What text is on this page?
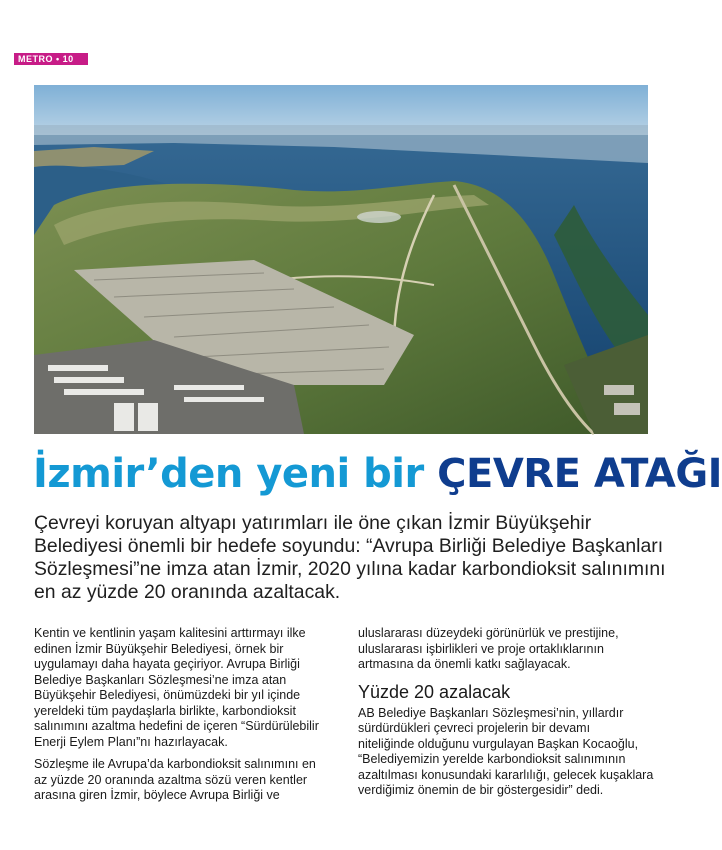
METRO • 10
İzmir’den yeni bir ÇEVRE ATAĞI

Çevreyi koruyan altyapı yatırımları ile öne çıkan İzmir Büyükşehir
Belediyesi önemli bir hedefe soyundu: “Avrupa Birliği Belediye Başkanları
Sözleşmesi”ne imza atan İzmir, 2020 yılına kadar karbondioksit salınımını
en az yüzde 20 oranında azaltacak.

Kentin ve kentlinin yaşam kalitesini arttırmayı ilke
edinen İzmir Büyükşehir Belediyesi, örnek bir
uygulamayı daha hayata geçiriyor. Avrupa Birliği
Belediye Başkanları Sözleşmesi’ne imza atan
Büyükşehir Belediyesi, önümüzdeki bir yıl içinde
yereldeki tüm paydaşlarla birlikte, karbondioksit
salınımını azaltma hedefini de içeren “Sürdürülebilir
Enerji Eylem Planı”nı hazırlayacak.

Sözleşme ile Avrupa’da karbondioksit salınımını en
az yüzde 20 oranında azaltma sözü veren kentler
arasına giren İzmir, böylece Avrupa Birliği ve

uluslararası düzeydeki görünürlük ve prestijine,
uluslararası işbirlikleri ve proje ortaklıklarının
artmasına da önemli katkı sağlayacak.

Yüzde 20 azalacak

AB Belediye Başkanları Sözleşmesi’nin, yıllardır
sürdürdükleri çevreci projelerin bir devamı
niteliğinde olduğunu vurgulayan Başkan Kocaoğlu,
“Belediyemizin yerelde karbondioksit salınımının
azaltılması konusundaki kararlılığı, gelecek kuşaklara
verdiğimiz önemin de bir göstergesidir” dedi.
